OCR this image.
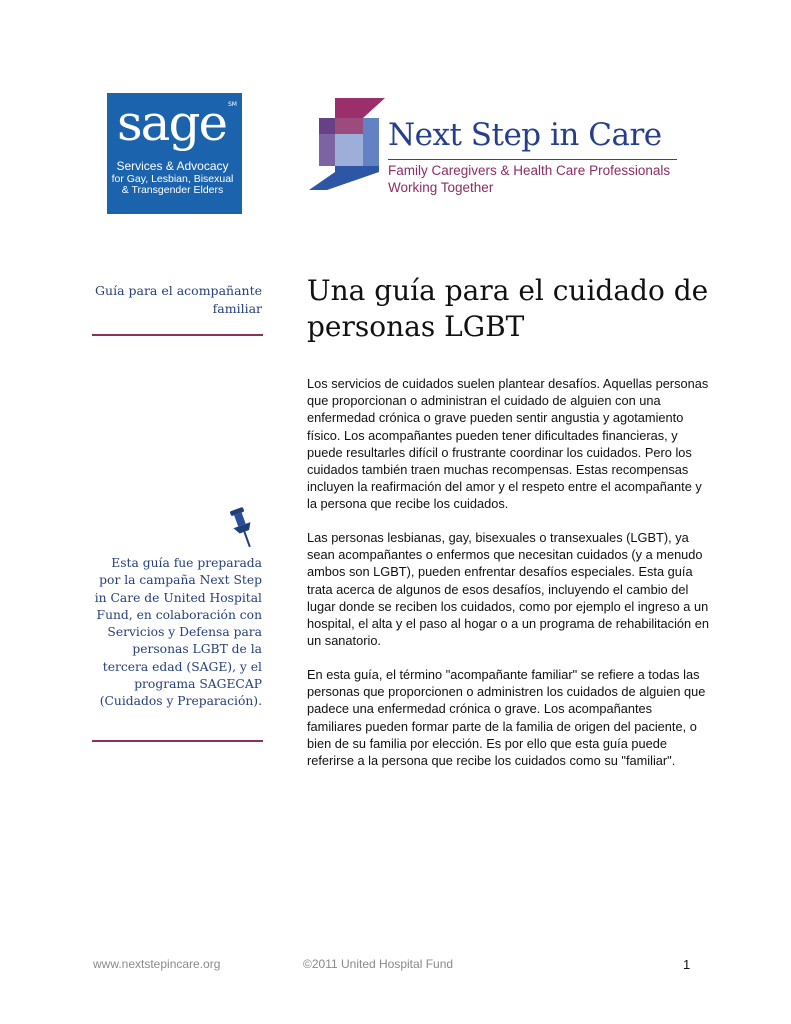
sage SM
Services & Advocacy
for Gay, Lesbian, Bisexual
& Transgender Elders
Next Step in Care
Family Caregivers & Health Care Professionals
Working Together
Guía para el acompañante familiar
Esta guía fue preparada por la campaña Next Step in Care de United Hospital Fund, en colaboración con Servicios y Defensa para personas LGBT de la tercera edad (SAGE), y el programa SAGECAP (Cuidados y Preparación).
Una guía para el cuidado de personas LGBT
Los servicios de cuidados suelen plantear desafíos. Aquellas personas que proporcionan o administran el cuidado de alguien con una enfermedad crónica o grave pueden sentir angustia y agotamiento físico. Los acompañantes pueden tener dificultades financieras, y puede resultarles difícil o frustrante coordinar los cuidados. Pero los cuidados también traen muchas recompensas. Estas recompensas incluyen la reafirmación del amor y el respeto entre el acompañante y la persona que recibe los cuidados.
Las personas lesbianas, gay, bisexuales o transexuales (LGBT), ya sean acompañantes o enfermos que necesitan cuidados (y a menudo ambos son LGBT), pueden enfrentar desafíos especiales. Esta guía trata acerca de algunos de esos desafíos, incluyendo el cambio del lugar donde se reciben los cuidados, como por ejemplo el ingreso a un hospital, el alta y el paso al hogar o a un programa de rehabilitación en un sanatorio.
En esta guía, el término "acompañante familiar" se refiere a todas las personas que proporcionen o administren los cuidados de alguien que padece una enfermedad crónica o grave. Los acompañantes familiares pueden formar parte de la familia de origen del paciente, o bien de su familia por elección. Es por ello que esta guía puede referirse a la persona que recibe los cuidados como su "familiar".
www.nextstepincare.org	©2011 United Hospital Fund	1
